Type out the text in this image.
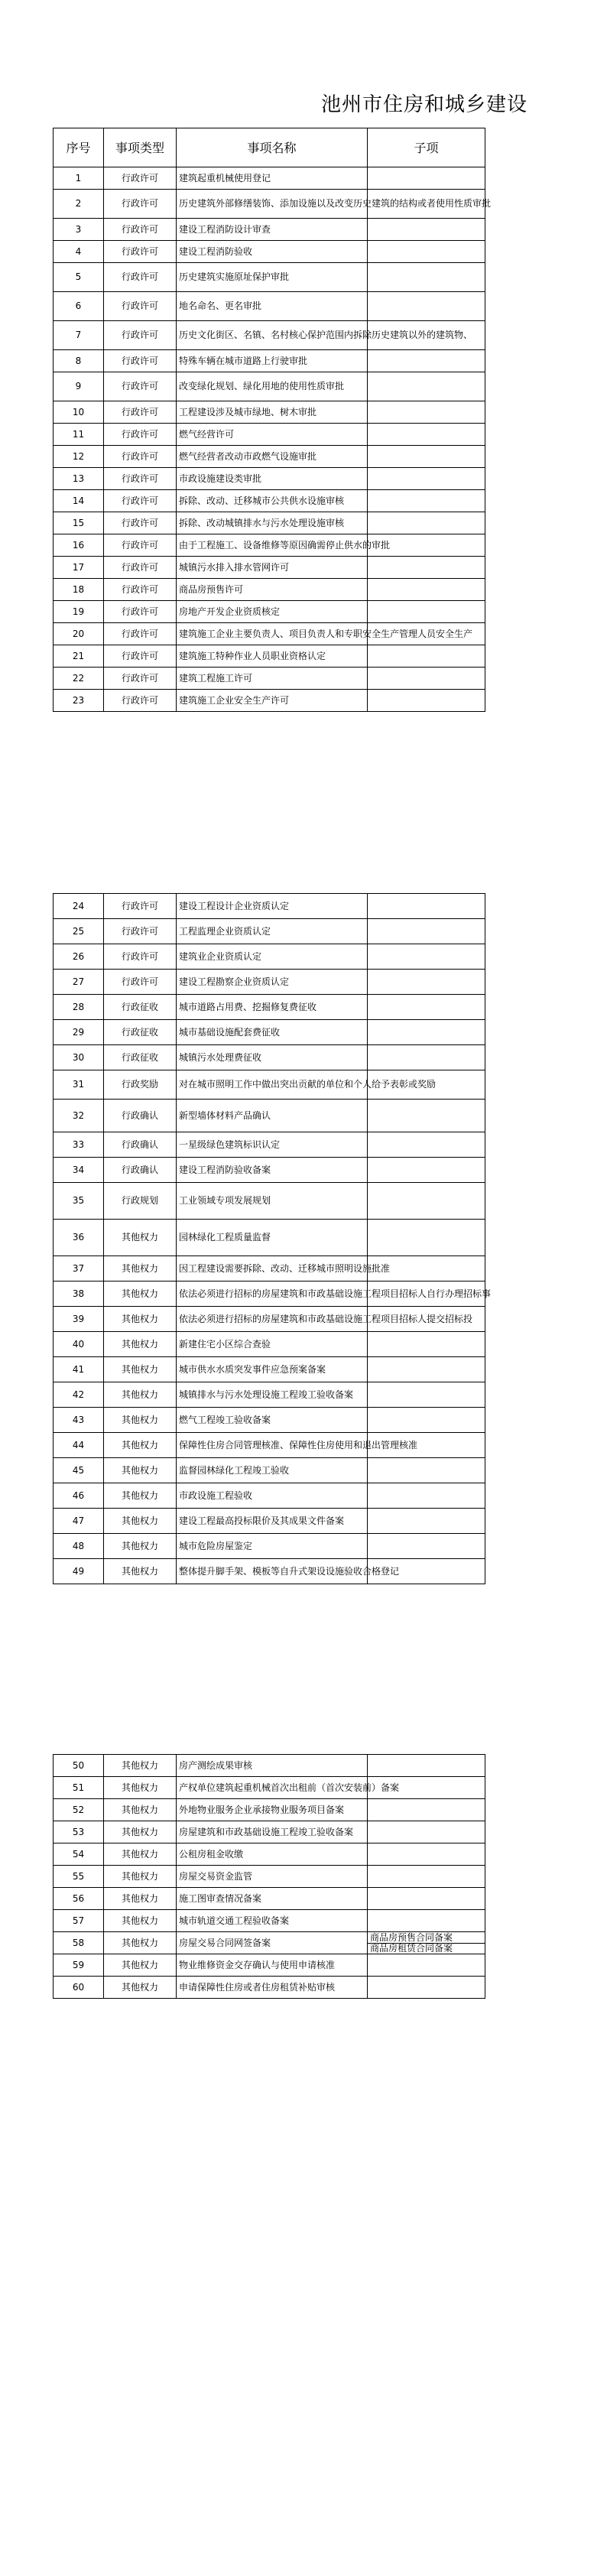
池州市住房和城乡建设
序号	事项类型	事项名称	子项
1	行政许可	建筑起重机械使用登记	
2	行政许可	历史建筑外部修缮装饰、添加设施以及改变历史建筑的结构或者使用性质审批	
3	行政许可	建设工程消防设计审查	
4	行政许可	建设工程消防验收	
5	行政许可	历史建筑实施原址保护审批	
6	行政许可	地名命名、更名审批	
7	行政许可	历史文化街区、名镇、名村核心保护范围内拆除历史建筑以外的建筑物、	
8	行政许可	特殊车辆在城市道路上行驶审批	
9	行政许可	改变绿化规划、绿化用地的使用性质审批	
10	行政许可	工程建设涉及城市绿地、树木审批	
11	行政许可	燃气经营许可	
12	行政许可	燃气经营者改动市政燃气设施审批	
13	行政许可	市政设施建设类审批	
14	行政许可	拆除、改动、迁移城市公共供水设施审核	
15	行政许可	拆除、改动城镇排水与污水处理设施审核	
16	行政许可	由于工程施工、设备维修等原因确需停止供水的审批	
17	行政许可	城镇污水排入排水管网许可	
18	行政许可	商品房预售许可	
19	行政许可	房地产开发企业资质核定	
20	行政许可	建筑施工企业主要负责人、项目负责人和专职安全生产管理人员安全生产	
21	行政许可	建筑施工特种作业人员职业资格认定	
22	行政许可	建筑工程施工许可	
23	行政许可	建筑施工企业安全生产许可	
24	行政许可	建设工程设计企业资质认定	
25	行政许可	工程监理企业资质认定	
26	行政许可	建筑业企业资质认定	
27	行政许可	建设工程勘察企业资质认定	
28	行政征收	城市道路占用费、挖掘修复费征收	
29	行政征收	城市基础设施配套费征收	
30	行政征收	城镇污水处理费征收	
31	行政奖励	对在城市照明工作中做出突出贡献的单位和个人给予表彰或奖励	
32	行政确认	新型墙体材料产品确认	
33	行政确认	一星级绿色建筑标识认定	
34	行政确认	建设工程消防验收备案	
35	行政规划	工业领域专项发展规划	
36	其他权力	园林绿化工程质量监督	
37	其他权力	因工程建设需要拆除、改动、迁移城市照明设施批准	
38	其他权力	依法必须进行招标的房屋建筑和市政基础设施工程项目招标人自行办理招标事	
39	其他权力	依法必须进行招标的房屋建筑和市政基础设施工程项目招标人提交招标投	
40	其他权力	新建住宅小区综合查验	
41	其他权力	城市供水水质突发事件应急预案备案	
42	其他权力	城镇排水与污水处理设施工程竣工验收备案	
43	其他权力	燃气工程竣工验收备案	
44	其他权力	保障性住房合同管理核准、保障性住房使用和退出管理核准	
45	其他权力	监督园林绿化工程竣工验收	
46	其他权力	市政设施工程验收	
47	其他权力	建设工程最高投标限价及其成果文件备案	
48	其他权力	城市危险房屋鉴定	
49	其他权力	整体提升脚手架、模板等自升式架设设施验收合格登记	
50	其他权力	房产测绘成果审核	
51	其他权力	产权单位建筑起重机械首次出租前（首次安装前）备案	
52	其他权力	外地物业服务企业承接物业服务项目备案	
53	其他权力	房屋建筑和市政基础设施工程竣工验收备案	
54	其他权力	公租房租金收缴	
55	其他权力	房屋交易资金监管	
56	其他权力	施工图审查情况备案	
57	其他权力	城市轨道交通工程验收备案	
58	其他权力	房屋交易合同网签备案	商品房预售合同备案
			商品房租赁合同备案
59	其他权力	物业维修资金交存确认与使用申请核准	
60	其他权力	申请保障性住房或者住房租赁补贴审核	
